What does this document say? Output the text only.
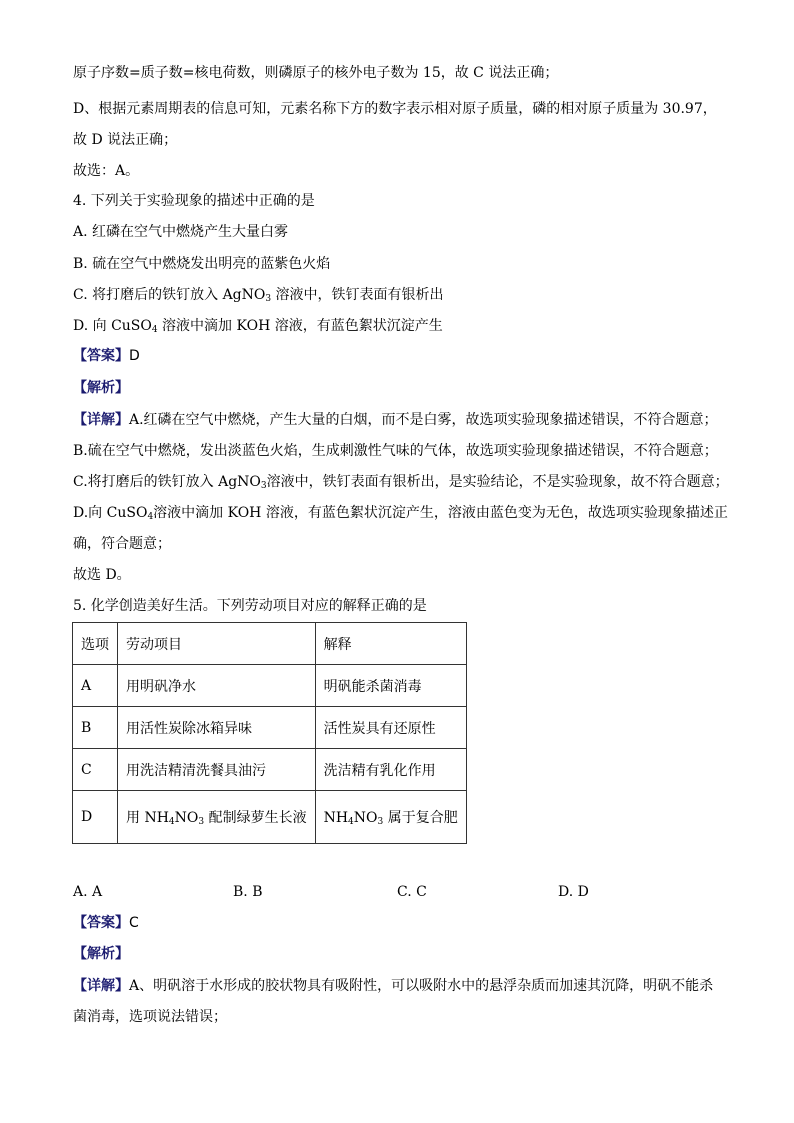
原子序数=质子数=核电荷数，则磷原子的核外电子数为 15，故 C 说法正确；
D、根据元素周期表的信息可知，元素名称下方的数字表示相对原子质量，磷的相对原子质量为 30.97，
故 D 说法正确；
故选：A。
4. 下列关于实验现象的描述中正确的是
A. 红磷在空气中燃烧产生大量白雾
B. 硫在空气中燃烧发出明亮的蓝紫色火焰
C. 将打磨后的铁钉放入 AgNO$_3$ 溶液中，铁钉表面有银析出
D. 向 CuSO$_4$ 溶液中滴加 KOH 溶液，有蓝色絮状沉淀产生
【答案】D
【解析】
【详解】A.红磷在空气中燃烧，产生大量的白烟，而不是白雾，故选项实验现象描述错误，不符合题意；
B.硫在空气中燃烧，发出淡蓝色火焰，生成刺激性气味的气体，故选项实验现象描述错误，不符合题意；
C.将打磨后的铁钉放入 AgNO$_3$溶液中，铁钉表面有银析出，是实验结论，不是实验现象，故不符合题意；
D.向 CuSO$_4$溶液中滴加 KOH 溶液，有蓝色絮状沉淀产生，溶液由蓝色变为无色，故选项实验现象描述正
确，符合题意；
故选 D。
5. 化学创造美好生活。下列劳动项目对应的解释正确的是
选项	劳动项目	解释
A	用明矾净水	明矾能杀菌消毒
B	用活性炭除冰箱异味	活性炭具有还原性
C	用洗洁精清洗餐具油污	洗洁精有乳化作用
D	用 $NH_4NO_3$ 配制绿萝生长液	$NH_4NO_3$ 属于复合肥
A. A	B. B	C. C	D. D
【答案】C
【解析】
【详解】A、明矾溶于水形成的胶状物具有吸附性，可以吸附水中的悬浮杂质而加速其沉降，明矾不能杀
菌消毒，选项说法错误；
